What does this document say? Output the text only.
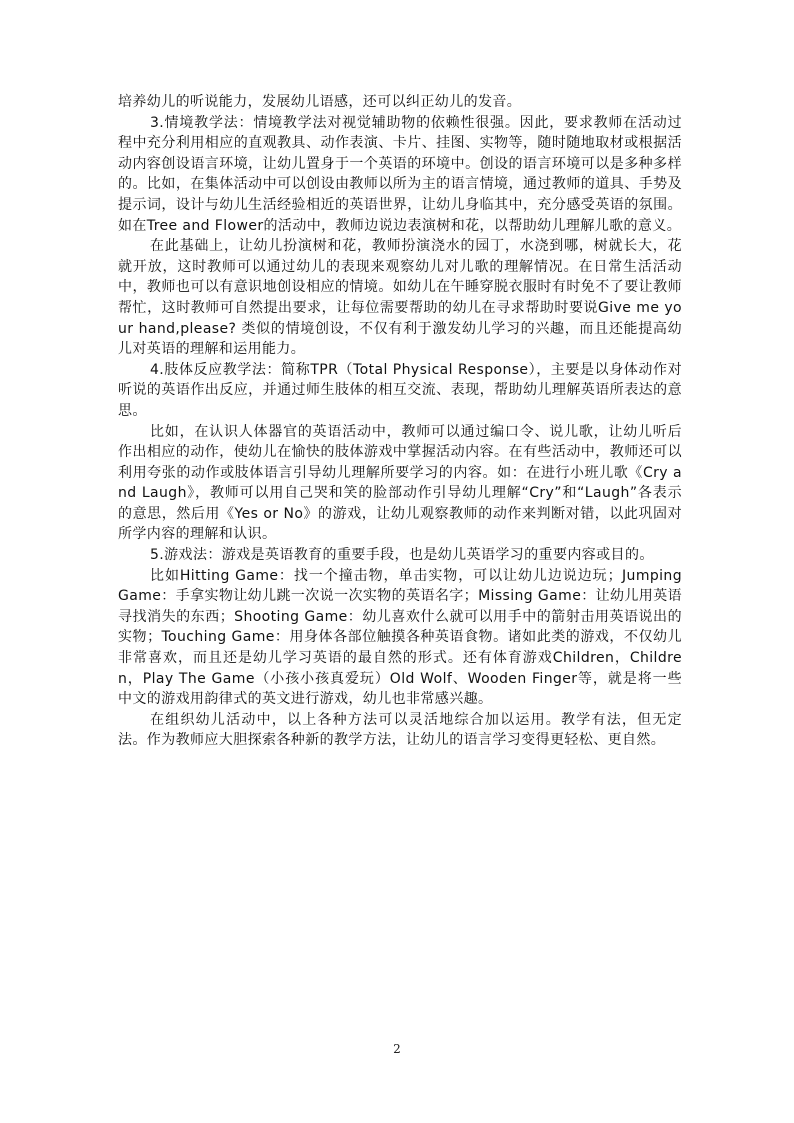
培养幼儿的听说能力，发展幼儿语感，还可以纠正幼儿的发音。

3.情境教学法：情境教学法对视觉辅助物的依赖性很强。因此，要求教师在活动过程中充分利用相应的直观教具、动作表演、卡片、挂图、实物等，随时随地取材或根据活动内容创设语言环境，让幼儿置身于一个英语的环境中。创设的语言环境可以是多种多样的。比如，在集体活动中可以创设由教师以所为主的语言情境，通过教师的道具、手势及提示词，设计与幼儿生活经验相近的英语世界，让幼儿身临其中，充分感受英语的氛围。如在Tree and Flower的活动中，教师边说边表演树和花，以帮助幼儿理解儿歌的意义。

在此基础上，让幼儿扮演树和花，教师扮演浇水的园丁，水浇到哪，树就长大，花就开放，这时教师可以通过幼儿的表现来观察幼儿对儿歌的理解情况。在日常生活活动中，教师也可以有意识地创设相应的情境。如幼儿在午睡穿脱衣服时有时免不了要让教师帮忙，这时教师可自然提出要求，让每位需要帮助的幼儿在寻求帮助时要说Give me your hand,please? 类似的情境创设，不仅有利于激发幼儿学习的兴趣，而且还能提高幼儿对英语的理解和运用能力。

4.肢体反应教学法：简称TPR（Total Physical Response），主要是以身体动作对听说的英语作出反应，并通过师生肢体的相互交流、表现，帮助幼儿理解英语所表达的意思。

比如，在认识人体器官的英语活动中，教师可以通过编口令、说儿歌，让幼儿听后作出相应的动作，使幼儿在愉快的肢体游戏中掌握活动内容。在有些活动中，教师还可以利用夸张的动作或肢体语言引导幼儿理解所要学习的内容。如：在进行小班儿歌《Cry and Laugh》，教师可以用自己哭和笑的脸部动作引导幼儿理解“Cry”和“Laugh”各表示的意思，然后用《Yes or No》的游戏，让幼儿观察教师的动作来判断对错，以此巩固对所学内容的理解和认识。

5.游戏法：游戏是英语教育的重要手段，也是幼儿英语学习的重要内容或目的。

比如Hitting Game：找一个撞击物，单击实物，可以让幼儿边说边玩；Jumping Game：手拿实物让幼儿跳一次说一次实物的英语名字；Missing Game：让幼儿用英语寻找消失的东西；Shooting Game：幼儿喜欢什么就可以用手中的箭射击用英语说出的实物；Touching Game：用身体各部位触摸各种英语食物。诸如此类的游戏，不仅幼儿非常喜欢，而且还是幼儿学习英语的最自然的形式。还有体育游戏Children，Children，Play The Game（小孩小孩真爱玩）Old Wolf、Wooden Finger等，就是将一些中文的游戏用韵律式的英文进行游戏，幼儿也非常感兴趣。

在组织幼儿活动中，以上各种方法可以灵活地综合加以运用。教学有法，但无定法。作为教师应大胆探索各种新的教学方法，让幼儿的语言学习变得更轻松、更自然。

2
